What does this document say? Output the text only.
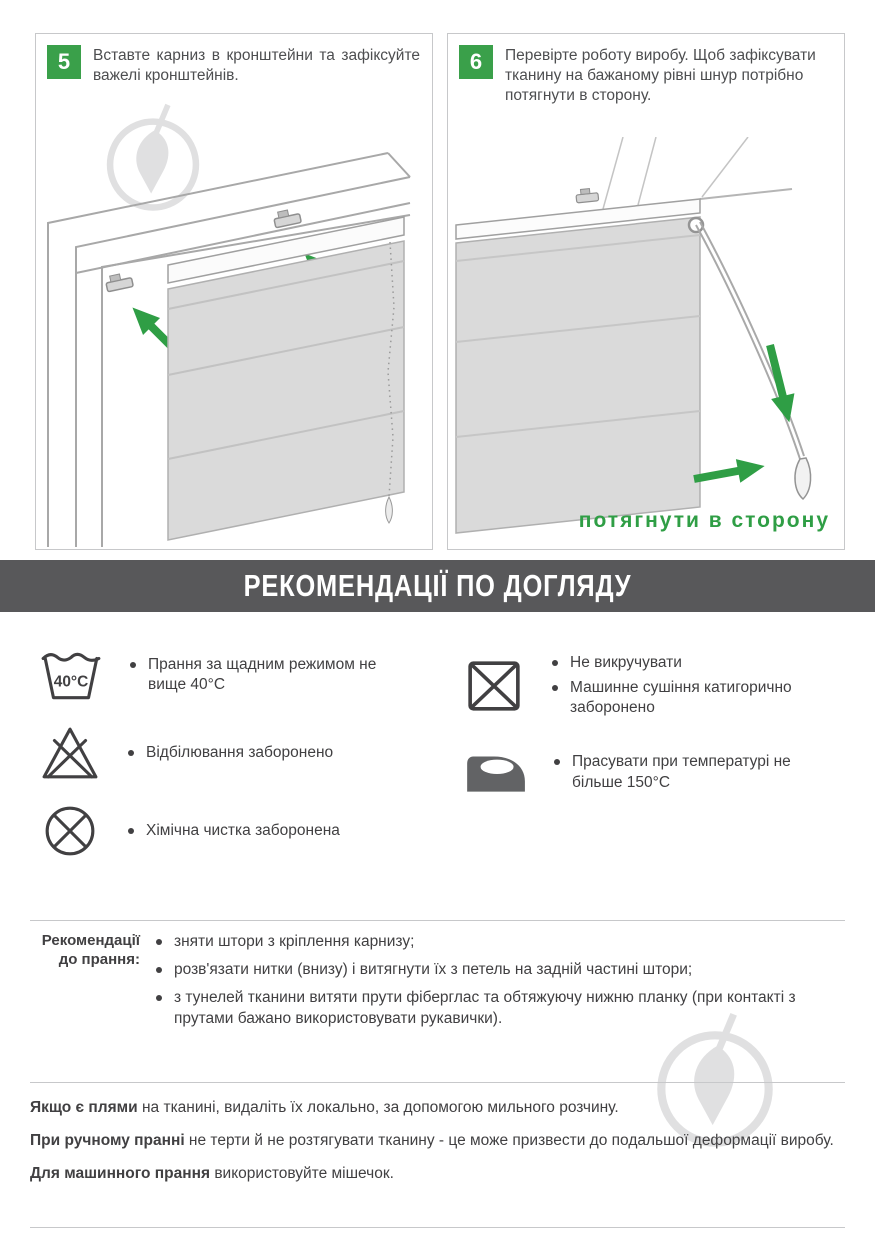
5	Вставте карниз в кронштейни та зафіксуйте важелі кронштейнів.
6	Перевірте роботу виробу. Щоб зафіксувати тканину на бажаному рівні шнур потрібно потягнути в сторону.
потягнути в сторону
РЕКОМЕНДАЦІЇ ПО ДОГЛЯДУ
40°С
Прання за щадним режимом не вище 40°С
Відбілювання заборонено
Хімічна чистка заборонена
Не викручувати
Машинне сушіння катигорично заборонено
Прасувати при температурі не більше 150°С
Рекомендації до прання:
зняти штори з кріплення карнизу;
розв'язати нитки (внизу) і витягнути їх з петель на задній частині штори;
з тунелей тканини витяти прути фіберглас та обтяжуючу нижню планку (при контакті з прутами бажано використовувати рукавички).

Якщо є плями на тканині, видаліть їх локально, за допомогою мильного розчину.

При ручному пранні не терти й не розтягувати тканину - це може призвести до подальшої деформації виробу.

Для машинного прання використовуйте мішечок.
